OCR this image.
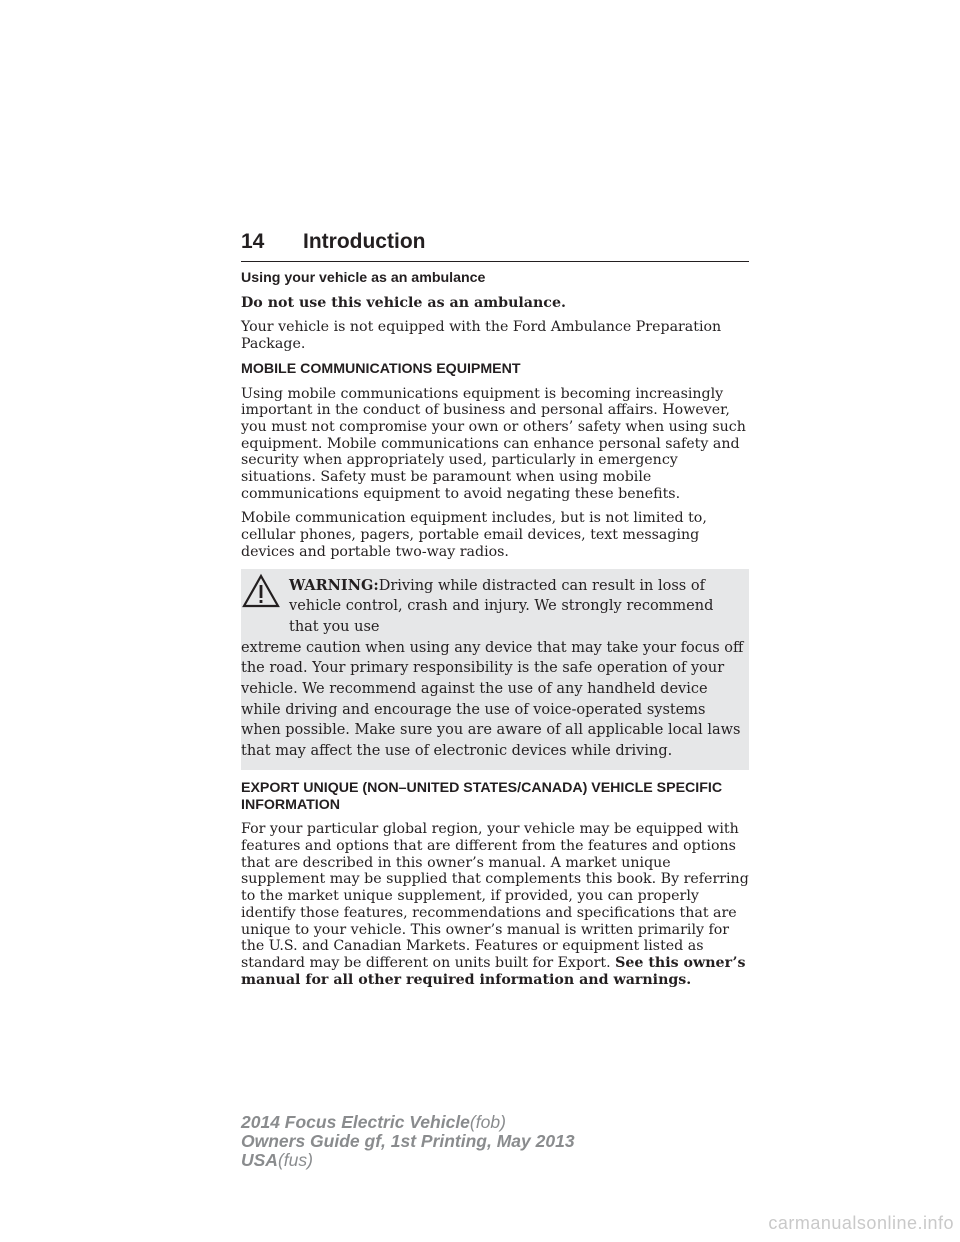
14	Introduction
Using your vehicle as an ambulance
Do not use this vehicle as an ambulance.

Your vehicle is not equipped with the Ford Ambulance Preparation Package.

MOBILE COMMUNICATIONS EQUIPMENT

Using mobile communications equipment is becoming increasingly important in the conduct of business and personal affairs. However, you must not compromise your own or others’ safety when using such equipment. Mobile communications can enhance personal safety and security when appropriately used, particularly in emergency situations. Safety must be paramount when using mobile communications equipment to avoid negating these benefits.

Mobile communication equipment includes, but is not limited to, cellular phones, pagers, portable email devices, text messaging devices and portable two-way radios.

WARNING:Driving while distracted can result in loss of vehicle control, crash and injury. We strongly recommend that you use
extreme caution when using any device that may take your focus off the road. Your primary responsibility is the safe operation of your vehicle. We recommend against the use of any handheld device while driving and encourage the use of voice-operated systems when possible. Make sure you are aware of all applicable local laws that may affect the use of electronic devices while driving.
EXPORT UNIQUE (NON–UNITED STATES/CANADA) VEHICLE SPECIFIC INFORMATION

For your particular global region, your vehicle may be equipped with features and options that are different from the features and options that are described in this owner’s manual. A market unique supplement may be supplied that complements this book. By referring to the market unique supplement, if provided, you can properly identify those features, recommendations and specifications that are unique to your vehicle. This owner’s manual is written primarily for the U.S. and Canadian Markets. Features or equipment listed as standard may be different on units built for Export. See this owner’s manual for all other required information and warnings.

2014 Focus Electric Vehicle(fob)
Owners Guide gf, 1st Printing, May 2013
USA(fus)
carmanualsonline.info
